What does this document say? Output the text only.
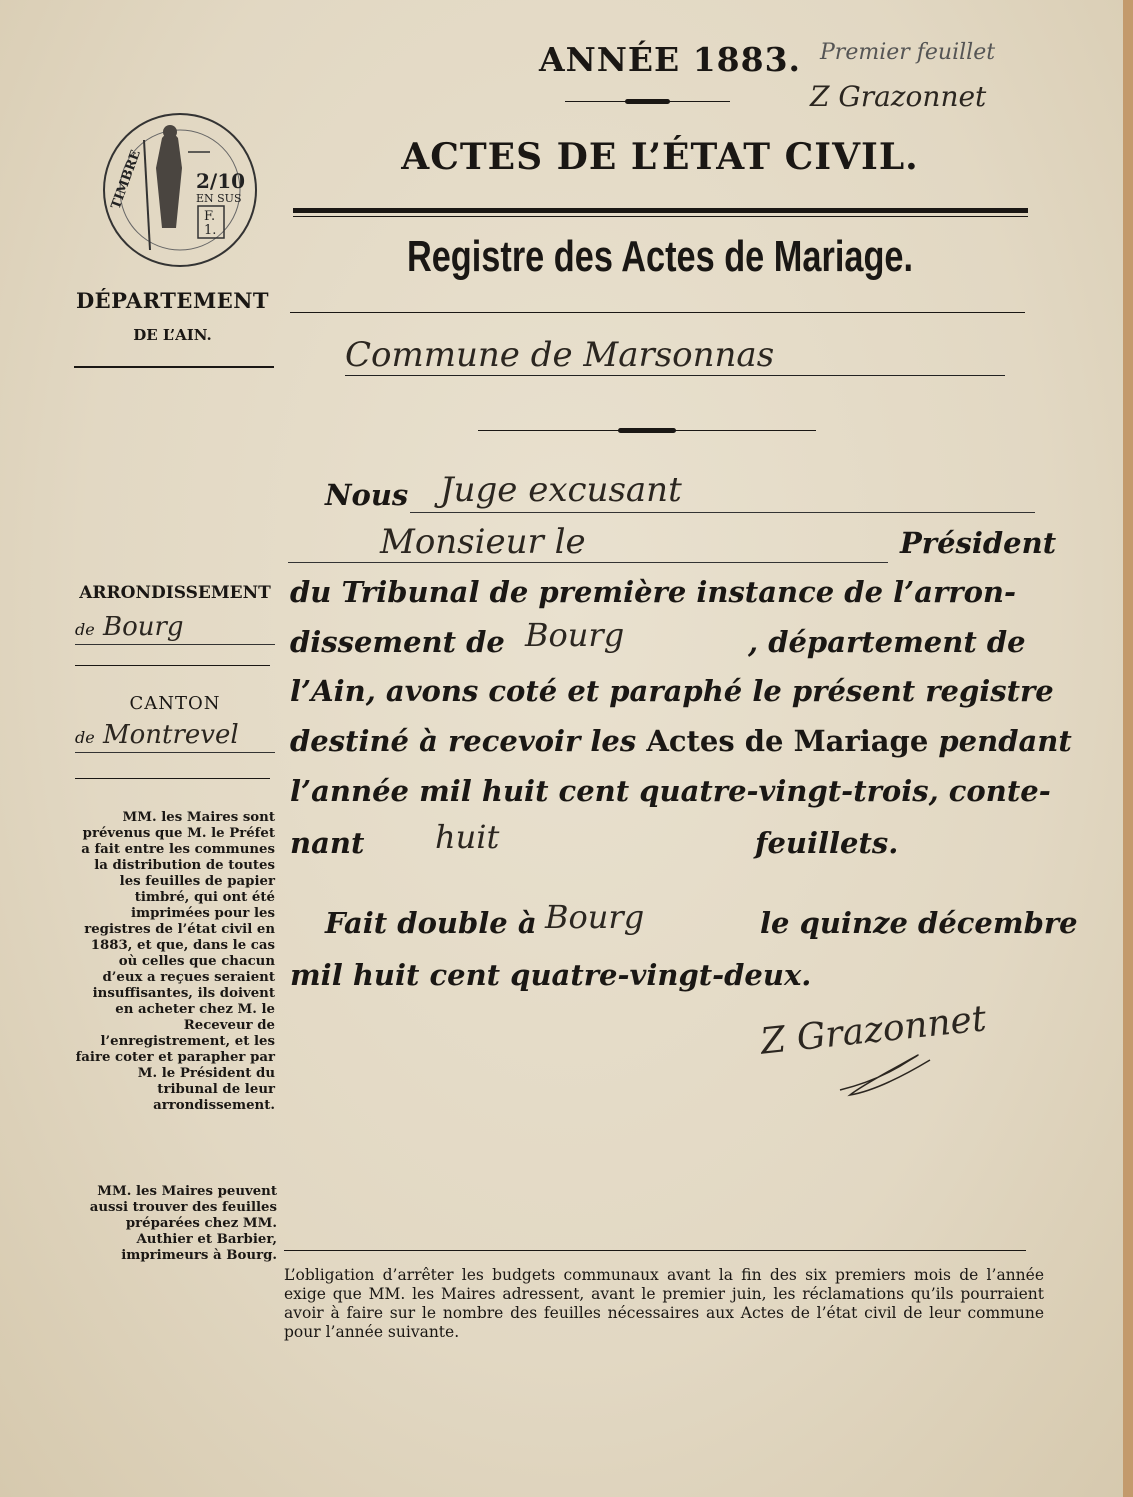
ANNÉE 1883. Premier feuillet
Z Grazonnet
ACTES DE L’ÉTAT CIVIL.
Registre des Actes de Mariage.
TIMBRE	2/10
EN SUS
F.
1.
DÉPARTEMENT
DE L’AIN.	Commune de Marsonnas
Nous Juge excusant
Monsieur le	Président
du Tribunal de première instance de l’arron-
dissement de Bourg	, département de
l’Ain, avons coté et paraphé le présent registre
destiné à recevoir les Actes de Mariage pendant
l’année mil huit cent quatre-vingt-trois, conte-
nant huit	feuillets.
Fait double à Bourg	le quinze décembre
mil huit cent quatre-vingt-deux.
Z Grazonnet
ARRONDISSEMENT
de Bourg
CANTON
de Montrevel
MM. les Maires sont prévenus que M. le Préfet a fait entre les communes la distribution de toutes les feuilles de papier timbré, qui ont été imprimées pour les registres de l’état civil en 1883, et que, dans le cas où celles que chacun d’eux a reçues seraient insuffisantes, ils doivent en acheter chez M. le Receveur de l’enregistrement, et les faire coter et parapher par M. le Président du tribunal de leur arrondissement.
MM. les Maires peuvent aussi trouver des feuilles préparées chez MM. Authier et Barbier, imprimeurs à Bourg.
L’obligation d’arrêter les budgets communaux avant la fin des six premiers mois de l’année exige que MM. les Maires adressent, avant le premier juin, les réclamations qu’ils pourraient avoir à faire sur le nombre des feuilles nécessaires aux Actes de l’état civil de leur commune pour l’année suivante.
